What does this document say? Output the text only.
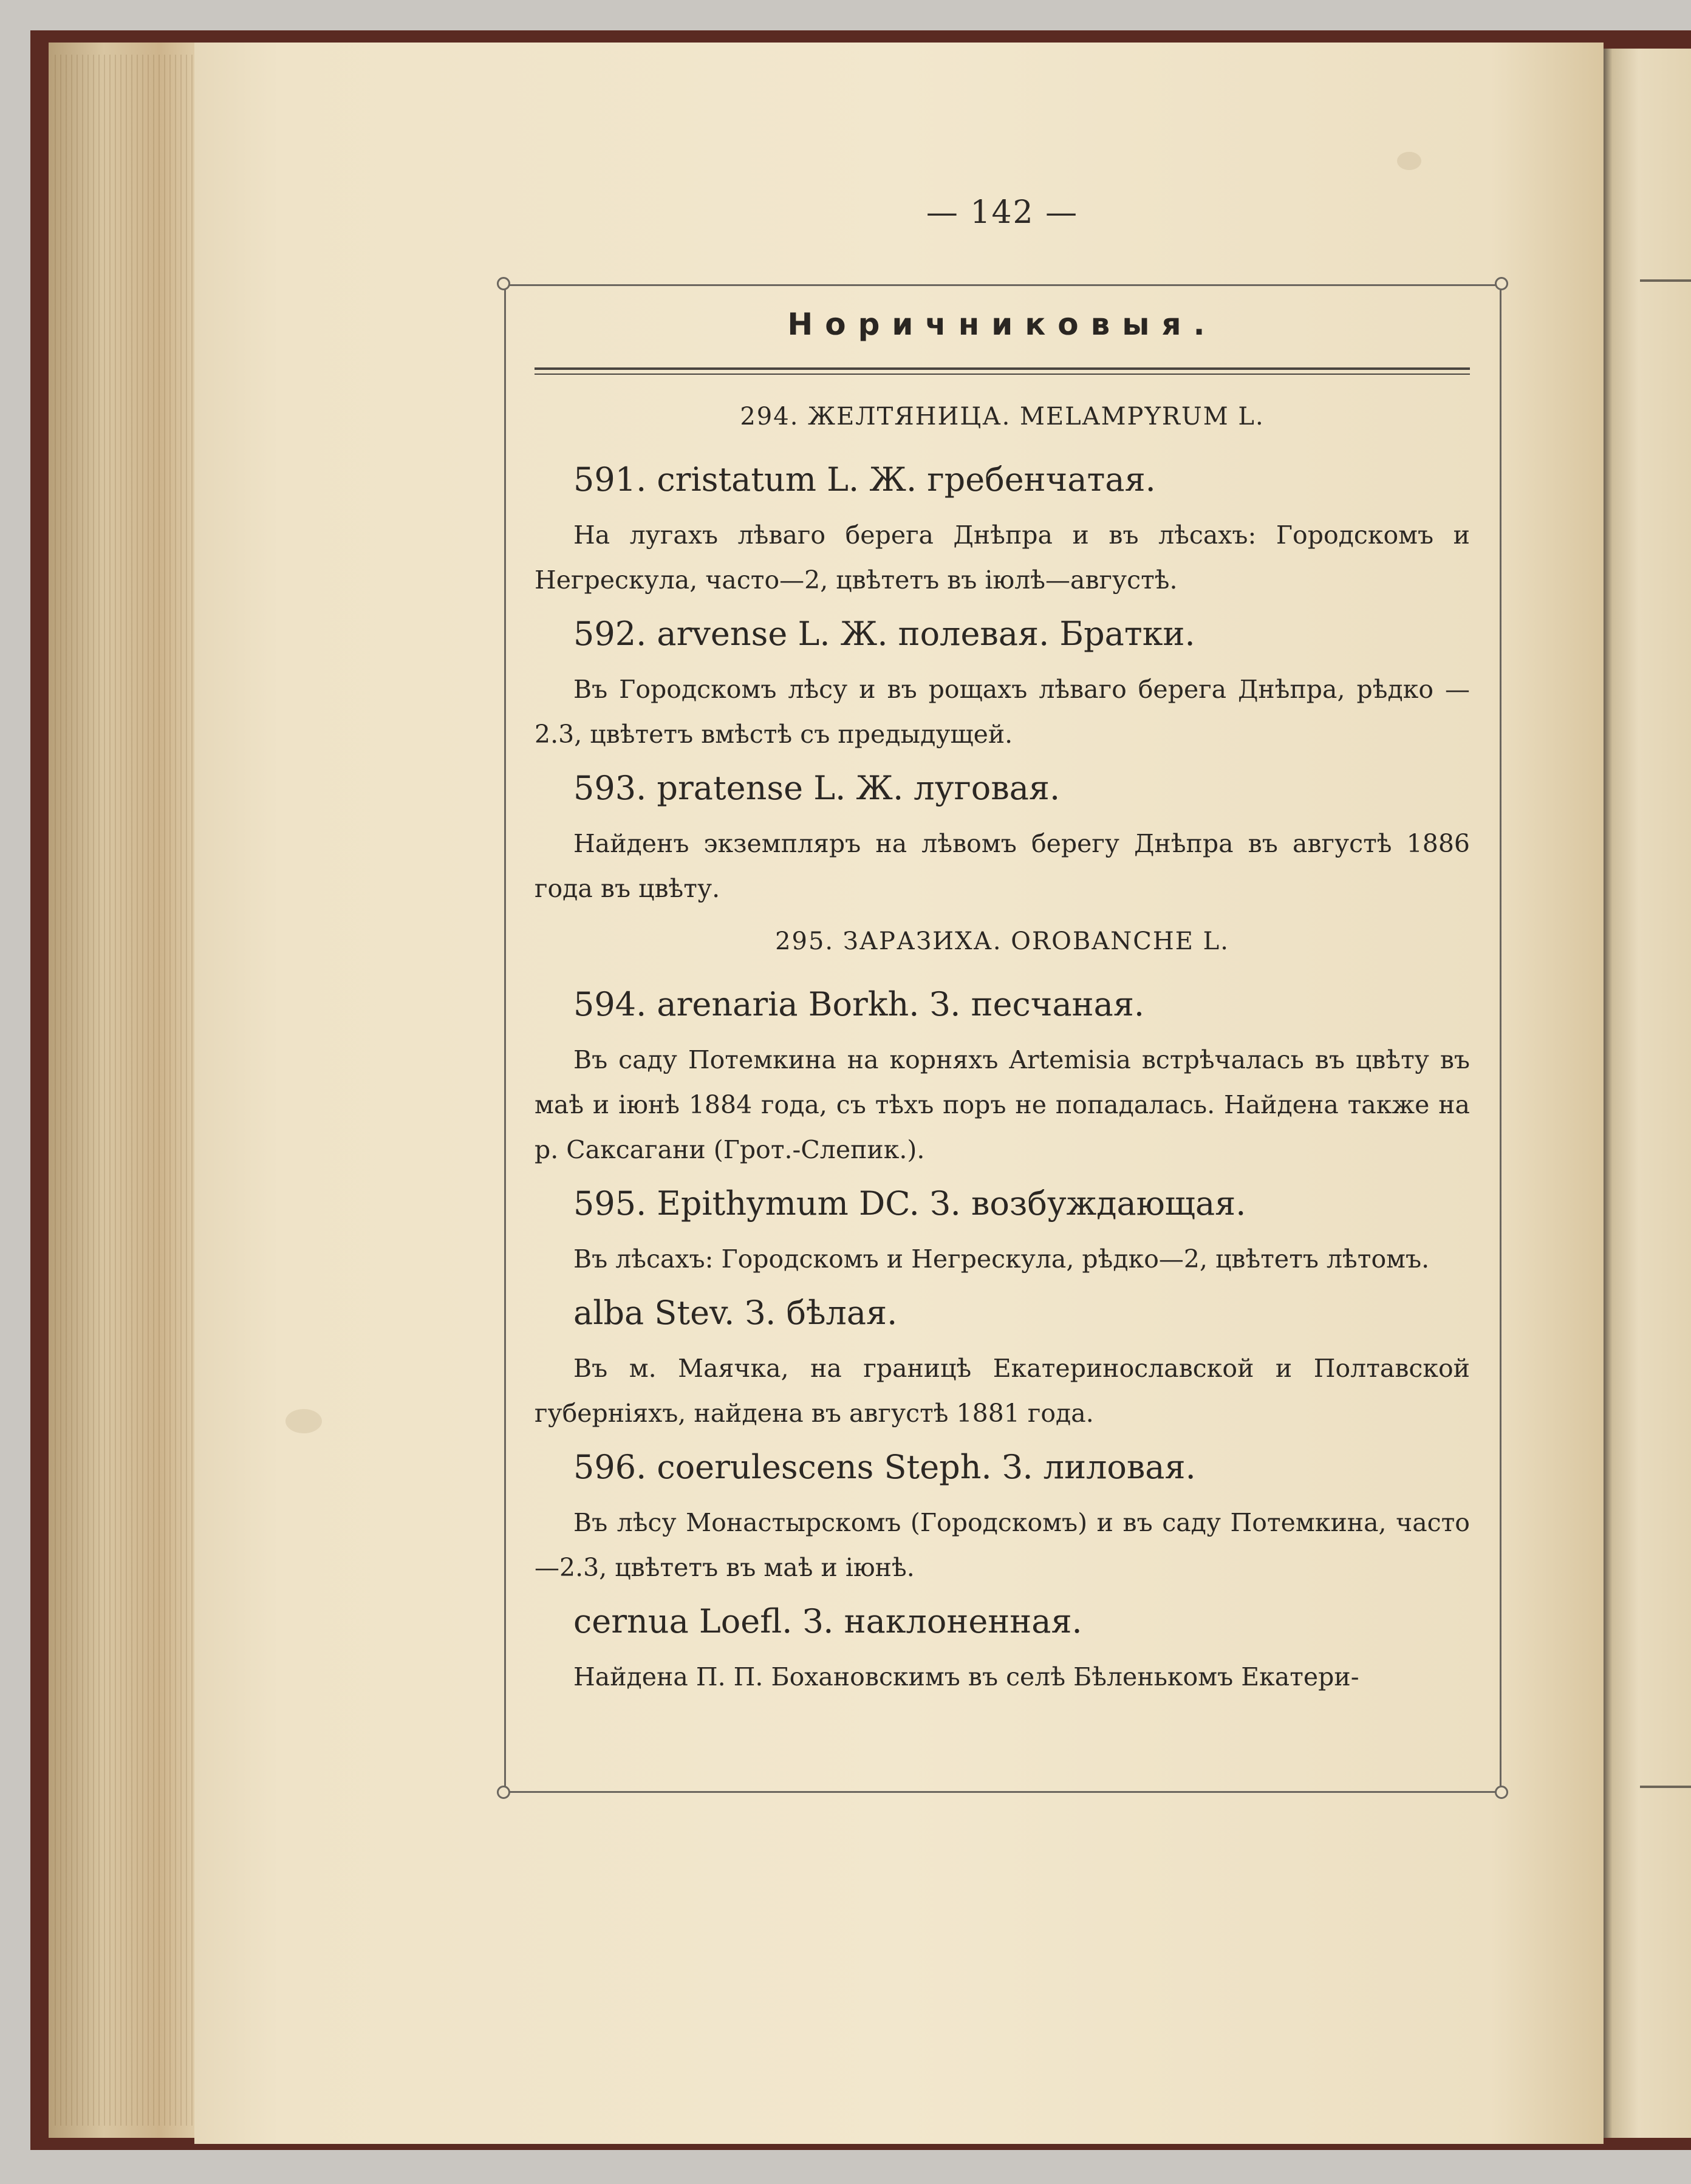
— 142 —
Норичниковыя.
294. ЖЕЛТЯНИЦА. MELAMPYRUM L.
591. cristatum L. Ж. гребенчатая.
На лугахъ лѣваго берега Днѣпра и въ лѣсахъ: Городскомъ и Негрескула, часто—2, цвѣтетъ въ іюлѣ—августѣ.
592. arvense L. Ж. полевая. Братки.
Въ Городскомъ лѣсу и въ рощахъ лѣваго берега Днѣпра, рѣдко —2.3, цвѣтетъ вмѣстѣ съ предыдущей.
593. pratense L. Ж. луговая.
Найденъ экземпляръ на лѣвомъ берегу Днѣпра въ августѣ 1886 года въ цвѣту.
295. ЗАРАЗИХА. OROBANCHE L.
594. arenaria Borkh. З. песчаная.
Въ саду Потемкина на корняхъ Artemisia встрѣчалась въ цвѣту въ маѣ и іюнѣ 1884 года, съ тѣхъ поръ не попадалась. Найдена также на р. Саксагани (Грот.-Слепик.).
595. Epithymum DC. З. возбуждающая.
Въ лѣсахъ: Городскомъ и Негрескула, рѣдко—2, цвѣтетъ лѣтомъ.
alba Stev. З. бѣлая.
Въ м. Маячка, на границѣ Екатеринославской и Полтавской губерніяхъ, найдена въ августѣ 1881 года.
596. coerulescens Steph. З. лиловая.
Въ лѣсу Монастырскомъ (Городскомъ) и въ саду Потемкина, часто—2.3, цвѣтетъ въ маѣ и іюнѣ.
cernua Loefl. З. наклоненная.
Найдена П. П. Бохановскимъ въ селѣ Бѣленькомъ Екатери-
